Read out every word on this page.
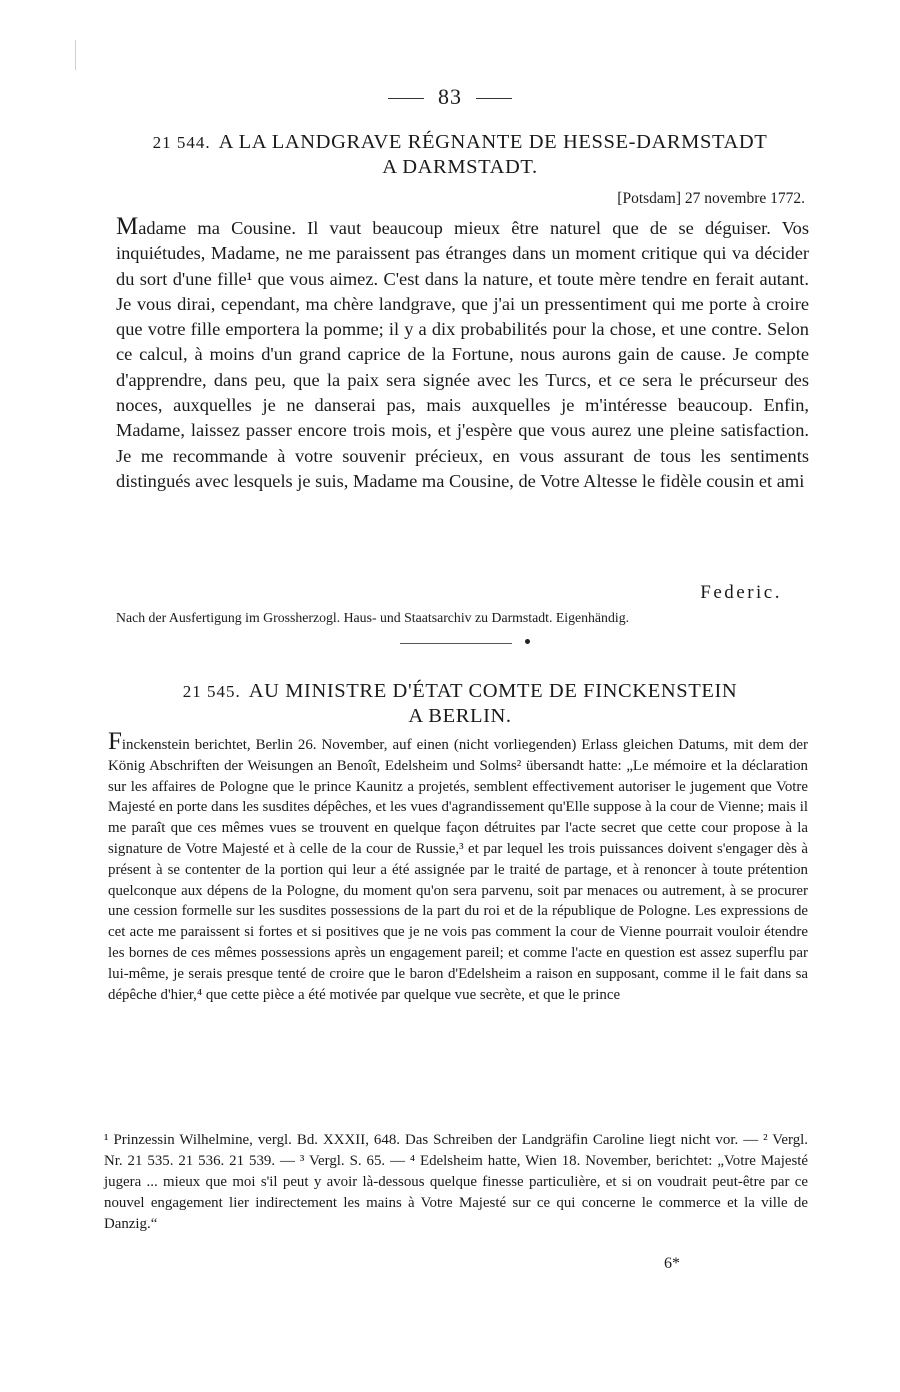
83
21 544. A LA LANDGRAVE RÉGNANTE DE HESSE-DARMSTADT
A DARMSTADT.
[Potsdam] 27 novembre 1772.
Madame ma Cousine. Il vaut beaucoup mieux être naturel que de se déguiser. Vos inquiétudes, Madame, ne me paraissent pas étranges dans un moment critique qui va décider du sort d'une fille¹ que vous aimez. C'est dans la nature, et toute mère tendre en ferait autant. Je vous dirai, cependant, ma chère landgrave, que j'ai un pressentiment qui me porte à croire que votre fille emportera la pomme; il y a dix probabilités pour la chose, et une contre. Selon ce calcul, à moins d'un grand caprice de la Fortune, nous aurons gain de cause. Je compte d'apprendre, dans peu, que la paix sera signée avec les Turcs, et ce sera le précurseur des noces, auxquelles je ne danserai pas, mais auxquelles je m'intéresse beaucoup. Enfin, Madame, laissez passer encore trois mois, et j'espère que vous aurez une pleine satisfaction. Je me recommande à votre souvenir précieux, en vous assurant de tous les sentiments distingués avec lesquels je suis, Madame ma Cousine, de Votre Altesse le fidèle cousin et ami
Federic.
Nach der Ausfertigung im Grossherzogl. Haus- und Staatsarchiv zu Darmstadt. Eigenhändig.
21 545. AU MINISTRE D'ÉTAT COMTE DE FINCKENSTEIN
A BERLIN.
Finckenstein berichtet, Berlin 26. November, auf einen (nicht vorliegenden) Erlass gleichen Datums, mit dem der König Abschriften der Weisungen an Benoît, Edelsheim und Solms² übersandt hatte: „Le mémoire et la déclaration sur les affaires de Pologne que le prince Kaunitz a projetés, semblent effectivement autoriser le jugement que Votre Majesté en porte dans les susdites dépêches, et les vues d'agrandissement qu'Elle suppose à la cour de Vienne; mais il me paraît que ces mêmes vues se trouvent en quelque façon détruites par l'acte secret que cette cour propose à la signature de Votre Majesté et à celle de la cour de Russie,³ et par lequel les trois puissances doivent s'engager dès à présent à se contenter de la portion qui leur a été assignée par le traité de partage, et à renoncer à toute prétention quelconque aux dépens de la Pologne, du moment qu'on sera parvenu, soit par menaces ou autrement, à se procurer une cession formelle sur les susdites possessions de la part du roi et de la république de Pologne. Les expressions de cet acte me paraissent si fortes et si positives que je ne vois pas comment la cour de Vienne pourrait vouloir étendre les bornes de ces mêmes possessions après un engagement pareil; et comme l'acte en question est assez superflu par lui-même, je serais presque tenté de croire que le baron d'Edelsheim a raison en supposant, comme il le fait dans sa dépêche d'hier,⁴ que cette pièce a été motivée par quelque vue secrète, et que le prince
¹ Prinzessin Wilhelmine, vergl. Bd. XXXII, 648. Das Schreiben der Landgräfin Caroline liegt nicht vor. — ² Vergl. Nr. 21 535. 21 536. 21 539. — ³ Vergl. S. 65. — ⁴ Edelsheim hatte, Wien 18. November, berichtet: „Votre Majesté jugera ... mieux que moi s'il peut y avoir là-dessous quelque finesse particulière, et si on voudrait peut-être par ce nouvel engagement lier indirectement les mains à Votre Majesté sur ce qui concerne le commerce et la ville de Danzig.“
6*
